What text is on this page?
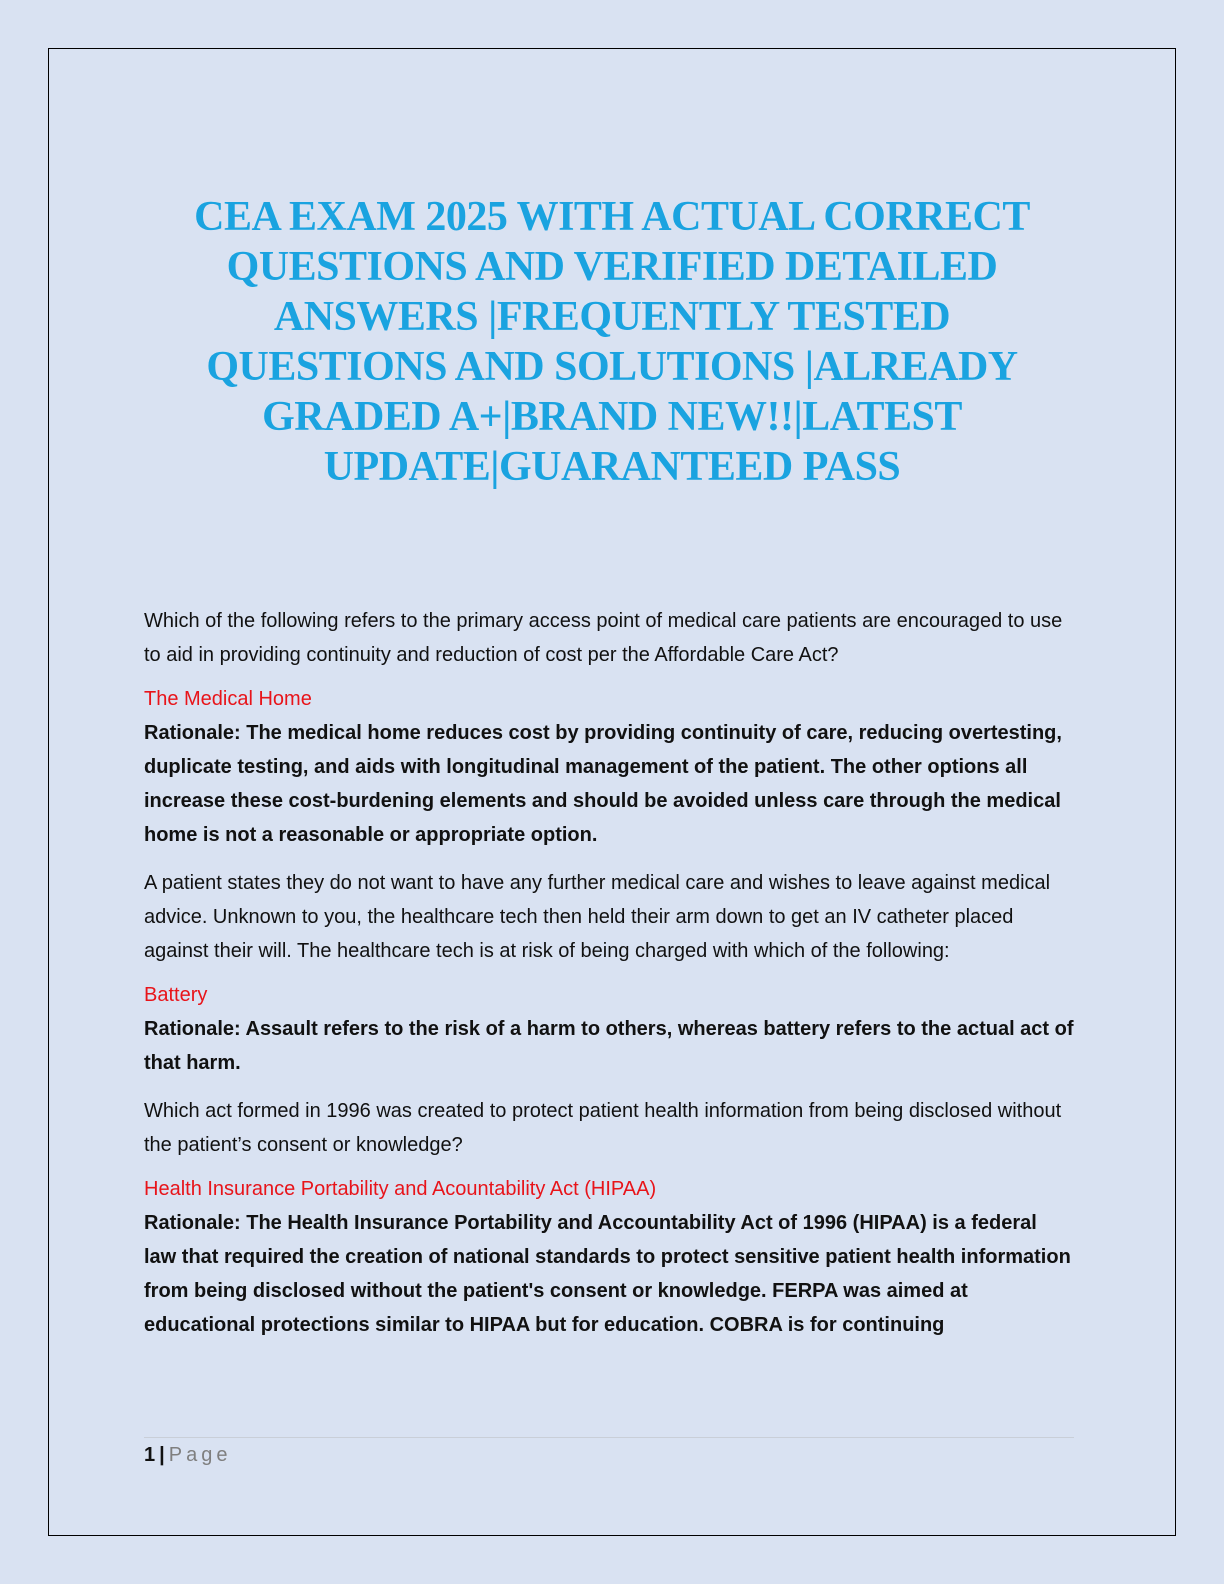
CEA EXAM 2025 WITH ACTUAL CORRECT
QUESTIONS AND VERIFIED DETAILED
ANSWERS |FREQUENTLY TESTED
QUESTIONS AND SOLUTIONS |ALREADY
GRADED A+|BRAND NEW!!|LATEST
UPDATE|GUARANTEED PASS

Which of the following refers to the primary access point of medical care patients are encouraged to use to aid in providing continuity and reduction of cost per the Affordable Care Act?

The Medical Home

Rationale: The medical home reduces cost by providing continuity of care, reducing overtesting, duplicate testing, and aids with longitudinal management of the patient. The other options all increase these cost-burdening elements and should be avoided unless care through the medical home is not a reasonable or appropriate option.

A patient states they do not want to have any further medical care and wishes to leave against medical advice. Unknown to you, the healthcare tech then held their arm down to get an IV catheter placed against their will. The healthcare tech is at risk of being charged with which of the following:

Battery

Rationale: Assault refers to the risk of a harm to others, whereas battery refers to the actual act of that harm.

Which act formed in 1996 was created to protect patient health information from being disclosed without the patient’s consent or knowledge?

Health Insurance Portability and Acountability Act (HIPAA)

Rationale: The Health Insurance Portability and Accountability Act of 1996 (HIPAA) is a federal law that required the creation of national standards to protect sensitive patient health information from being disclosed without the patient's consent or knowledge. FERPA was aimed at educational protections similar to HIPAA but for education. COBRA is for continuing

1 | Page
